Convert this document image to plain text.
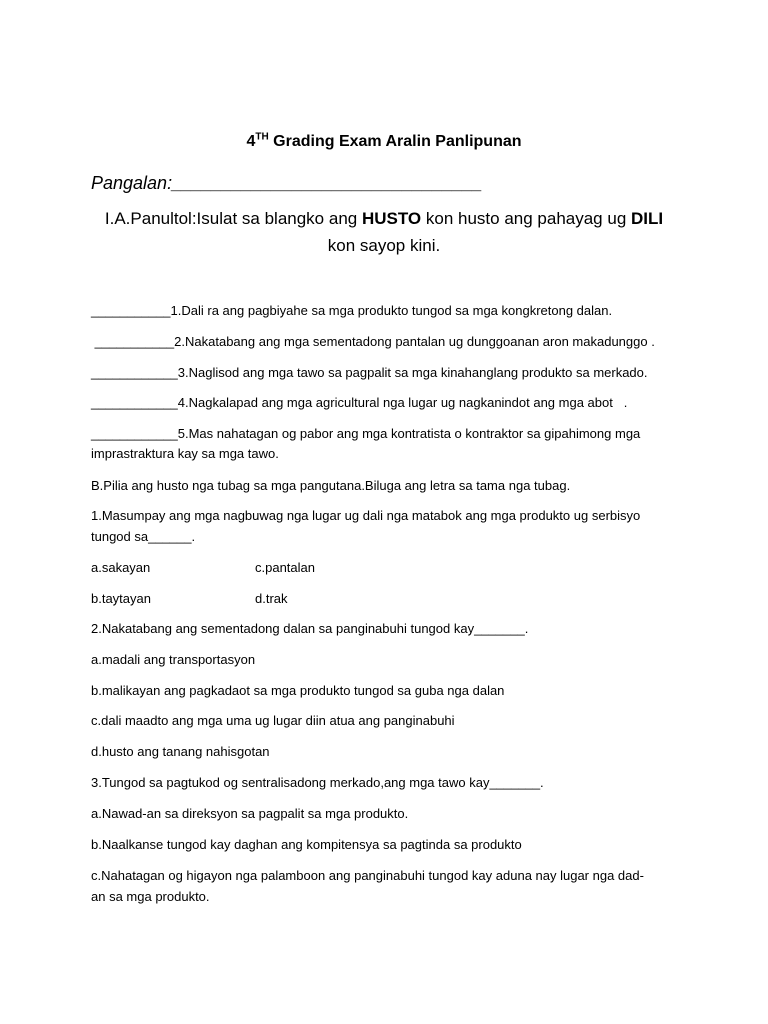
4TH Grading Exam Aralin Panlipunan
Pangalan:_______________________________
I.A.Panultol:Isulat sa blangko ang HUSTO kon husto ang pahayag ug DILI
kon sayop kini.
___________1.Dali ra ang pagbiyahe sa mga produkto tungod sa mga kongkretong dalan.
___________2.Nakatabang ang mga sementadong pantalan ug dunggoanan aron makadunggo .
____________3.Naglisod ang mga tawo sa pagpalit sa mga kinahanglang produkto sa merkado.
____________4.Nagkalapad ang mga agricultural nga lugar ug nagkanindot ang mga abot   .
____________5.Mas nahatagan og pabor ang mga kontratista o kontraktor sa gipahimong mga
imprastraktura kay sa mga tawo.
B.Pilia ang husto nga tubag sa mga pangutana.Biluga ang letra sa tama nga tubag.
1.Masumpay ang mga nagbuwag nga lugar ug dali nga matabok ang mga produkto ug serbisyo
tungod sa______.
a.sakayan	c.pantalan
b.taytayan	d.trak
2.Nakatabang ang sementadong dalan sa panginabuhi tungod kay_______.
a.madali ang transportasyon
b.malikayan ang pagkadaot sa mga produkto tungod sa guba nga dalan
c.dali maadto ang mga uma ug lugar diin atua ang panginabuhi
d.husto ang tanang nahisgotan
3.Tungod sa pagtukod og sentralisadong merkado,ang mga tawo kay_______.
a.Nawad-an sa direksyon sa pagpalit sa mga produkto.
b.Naalkanse tungod kay daghan ang kompitensya sa pagtinda sa produkto
c.Nahatagan og higayon nga palamboon ang panginabuhi tungod kay aduna nay lugar nga dad-
an sa mga produkto.
